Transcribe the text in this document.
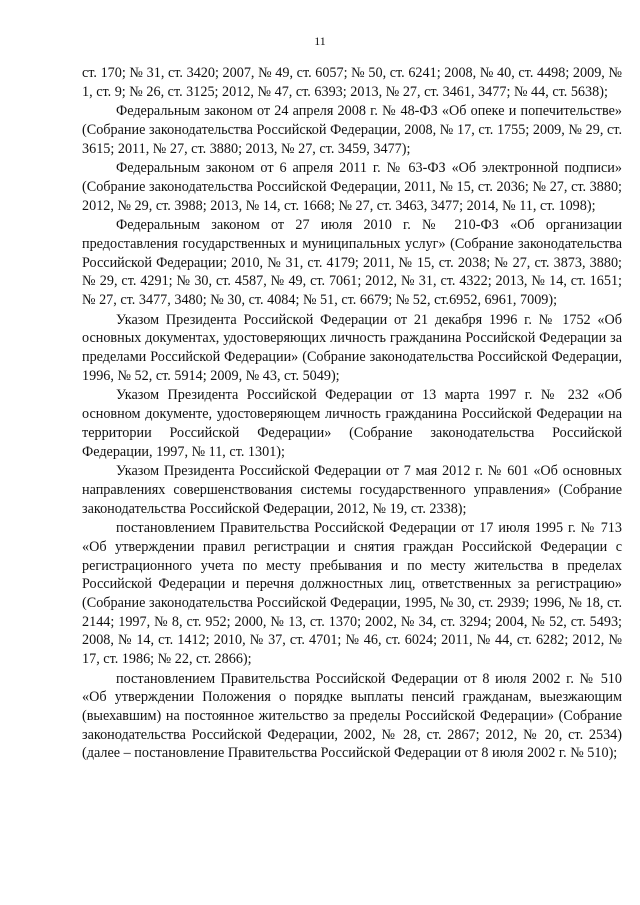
11

ст. 170; № 31, ст. 3420; 2007, № 49, ст. 6057; № 50, ст. 6241; 2008, № 40, ст. 4498; 2009, № 1, ст. 9; № 26, ст. 3125; 2012, № 47, ст. 6393; 2013, № 27, ст. 3461, 3477; № 44, ст. 5638);

Федеральным законом от 24 апреля 2008 г. № 48-ФЗ «Об опеке и попечительстве» (Собрание законодательства Российской Федерации, 2008, № 17, ст. 1755; 2009, № 29, ст. 3615; 2011, № 27, ст. 3880; 2013, № 27, ст. 3459, 3477);

Федеральным законом от 6 апреля 2011 г. № 63-ФЗ «Об электронной подписи» (Собрание законодательства Российской Федерации, 2011, № 15, ст. 2036; № 27, ст. 3880; 2012, № 29, ст. 3988; 2013, № 14, ст. 1668; № 27, ст. 3463, 3477; 2014, № 11, ст. 1098);

Федеральным законом от 27 июля 2010 г. № 210-ФЗ «Об организации предоставления государственных и муниципальных услуг» (Собрание законодательства Российской Федерации; 2010, № 31, ст. 4179; 2011, № 15, ст. 2038; № 27, ст. 3873, 3880; № 29, ст. 4291; № 30, ст. 4587, № 49, ст. 7061; 2012, № 31, ст. 4322; 2013, № 14, ст. 1651; № 27, ст. 3477, 3480; № 30, ст. 4084; № 51, ст. 6679; № 52, ст.6952, 6961, 7009);

Указом Президента Российской Федерации от 21 декабря 1996 г. № 1752 «Об основных документах, удостоверяющих личность гражданина Российской Федерации за пределами Российской Федерации» (Собрание законодательства Российской Федерации, 1996, № 52, ст. 5914; 2009, № 43, ст. 5049);

Указом Президента Российской Федерации от 13 марта 1997 г. № 232 «Об основном документе, удостоверяющем личность гражданина Российской Федерации на территории Российской Федерации» (Собрание законодательства Российской Федерации, 1997, № 11, ст. 1301);

Указом Президента Российской Федерации от 7 мая 2012 г. № 601 «Об основных направлениях совершенствования системы государственного управления» (Собрание законодательства Российской Федерации, 2012, № 19, ст. 2338);

постановлением Правительства Российской Федерации от 17 июля 1995 г. № 713 «Об утверждении правил регистрации и снятия граждан Российской Федерации с регистрационного учета по месту пребывания и по месту жительства в пределах Российской Федерации и перечня должностных лиц, ответственных за регистрацию» (Собрание законодательства Российской Федерации, 1995, № 30, ст. 2939; 1996, № 18, ст. 2144; 1997, № 8, ст. 952; 2000, № 13, ст. 1370; 2002, № 34, ст. 3294; 2004, № 52, ст. 5493; 2008, № 14, ст. 1412; 2010, № 37, ст. 4701; № 46, ст. 6024; 2011, № 44, ст. 6282; 2012, № 17, ст. 1986; № 22, ст. 2866);

постановлением Правительства Российской Федерации от 8 июля 2002 г. № 510 «Об утверждении Положения о порядке выплаты пенсий гражданам, выезжающим (выехавшим) на постоянное жительство за пределы Российской Федерации» (Собрание законодательства Российской Федерации, 2002, № 28, ст. 2867; 2012, № 20, ст. 2534) (далее – постановление Правительства Российской Федерации от 8 июля 2002 г. № 510);
